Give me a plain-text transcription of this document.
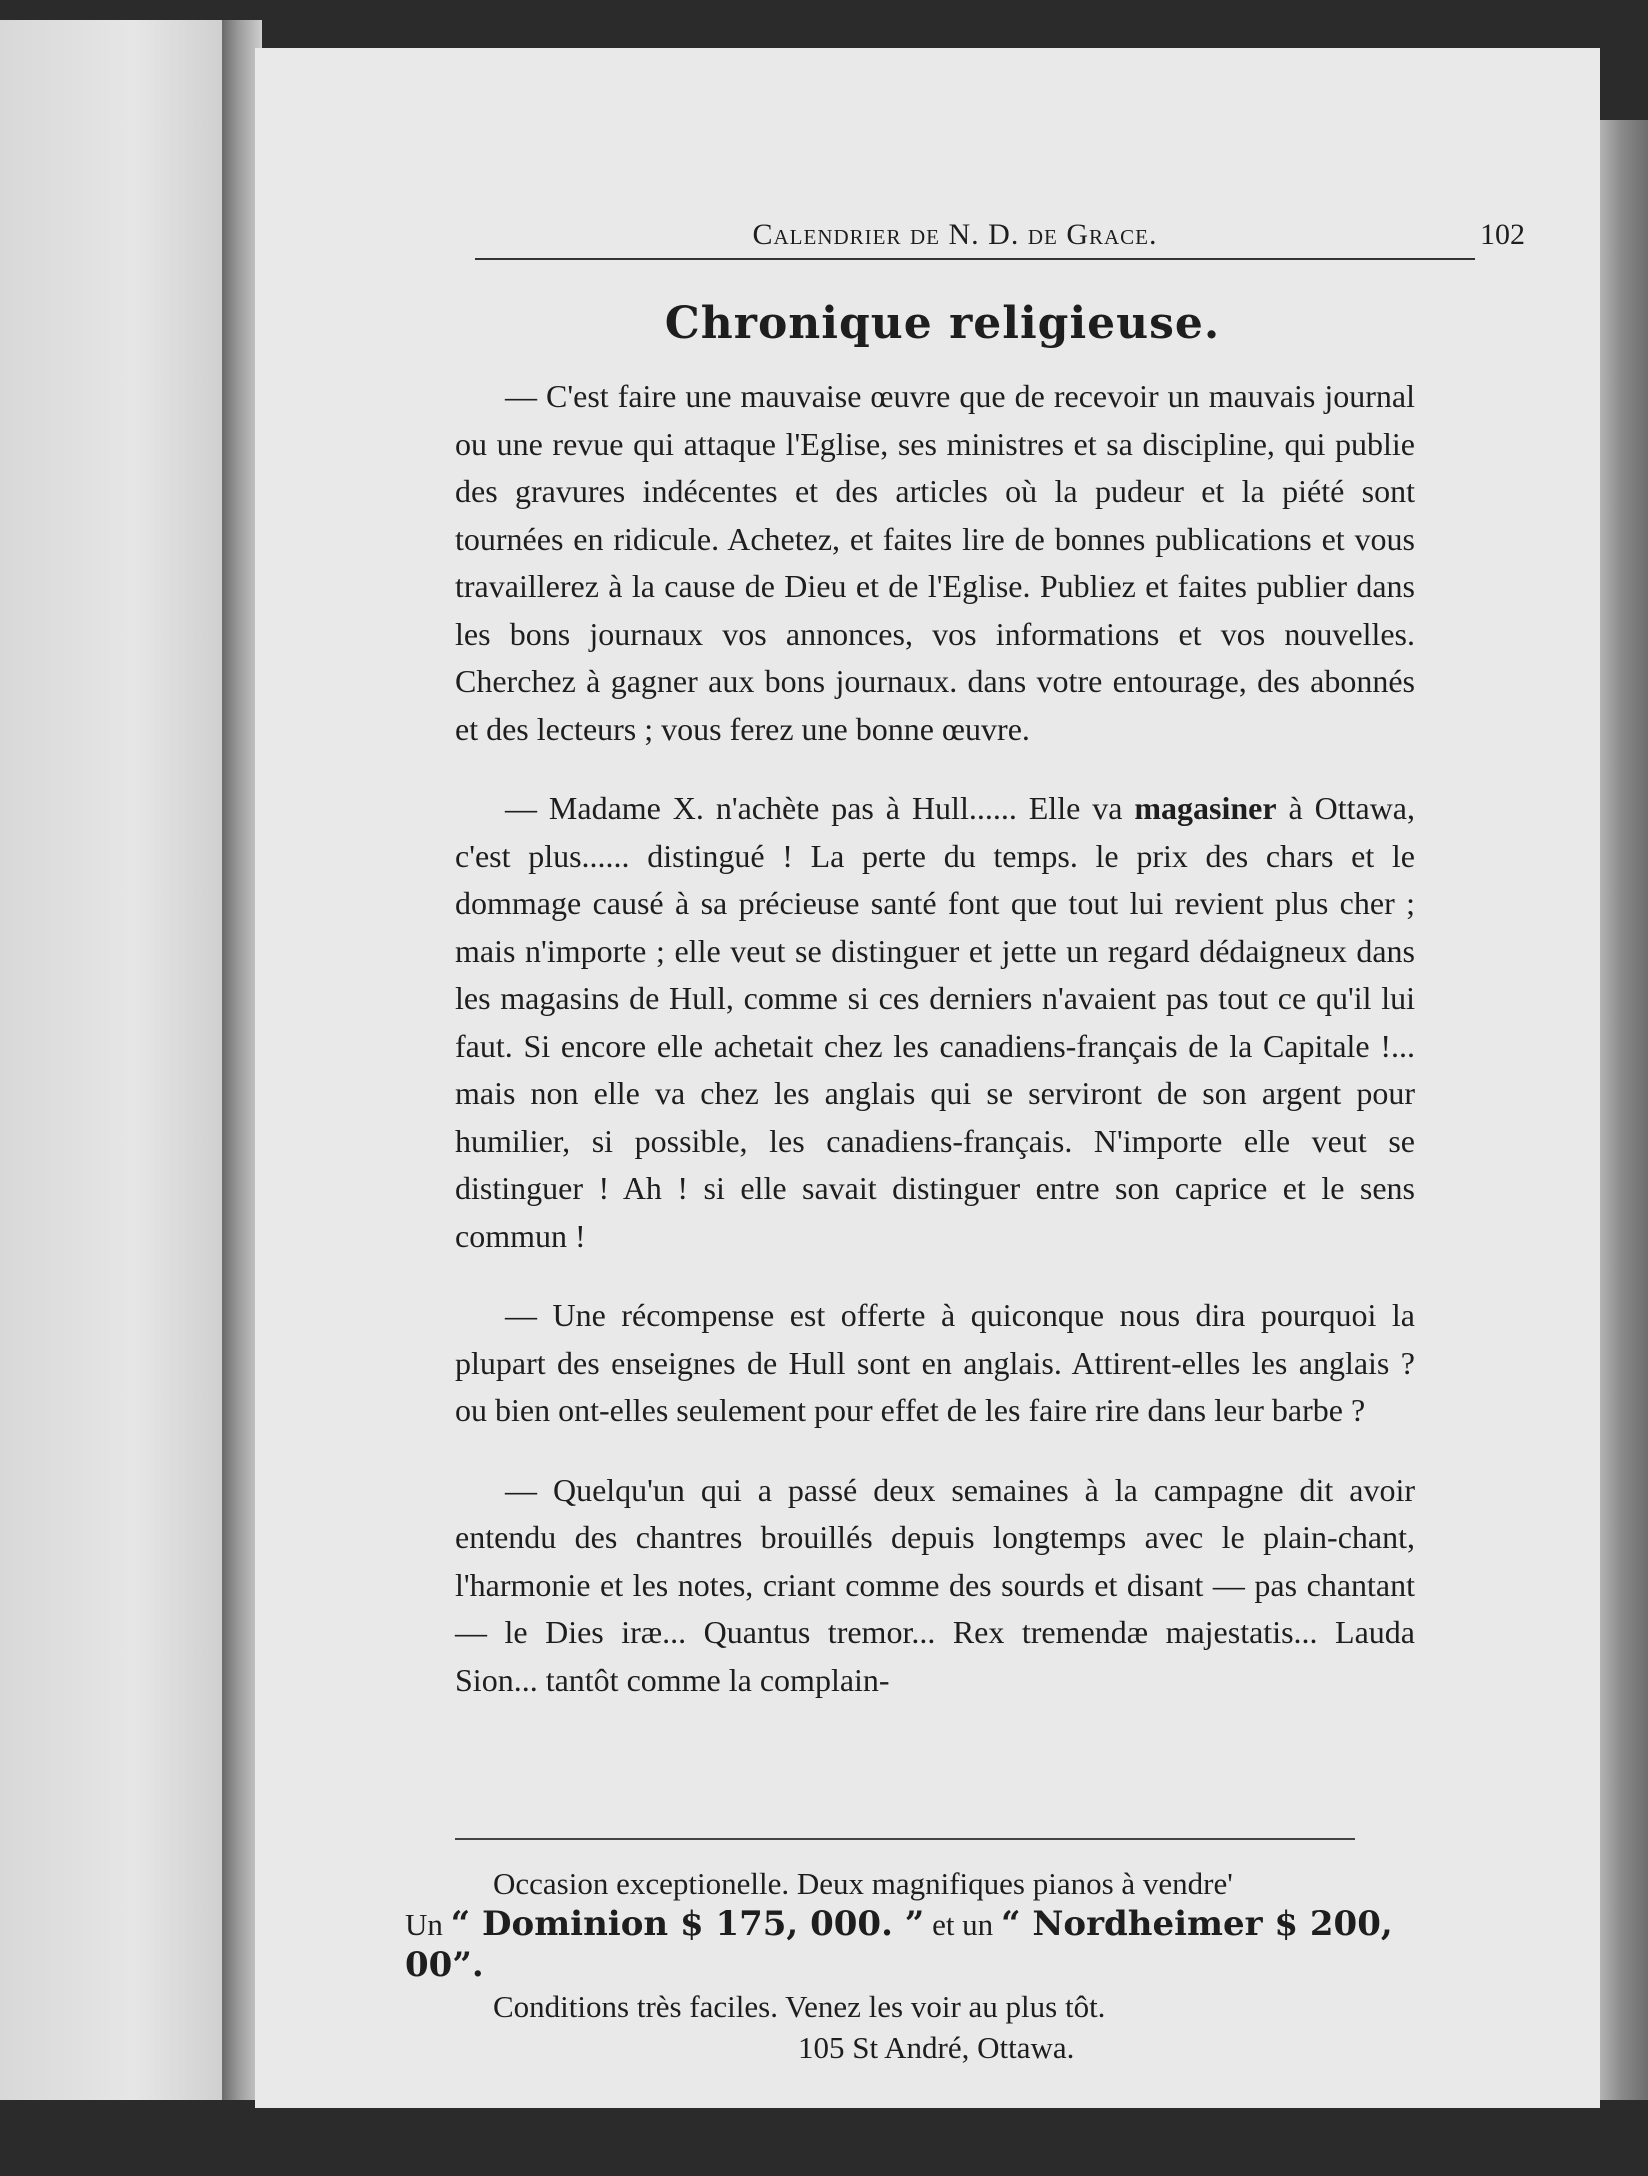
Calendrier de N. D. de Grace.	102
Chronique religieuse.

— C'est faire une mauvaise œuvre que de recevoir un mauvais journal ou une revue qui attaque l'Eglise, ses ministres et sa discipline, qui publie des gravures indécentes et des articles où la pudeur et la piété sont tournées en ridicule. Achetez, et faites lire de bonnes publications et vous travaillerez à la cause de Dieu et de l'Eglise. Publiez et faites publier dans les bons journaux vos annonces, vos informations et vos nouvelles. Cherchez à gagner aux bons journaux. dans votre entourage, des abonnés et des lecteurs ; vous ferez une bonne œuvre.

— Madame X. n'achète pas à Hull...... Elle va magasiner à Ottawa, c'est plus...... distingué ! La perte du temps. le prix des chars et le dommage causé à sa précieuse santé font que tout lui revient plus cher ; mais n'importe ; elle veut se distinguer et jette un regard dédaigneux dans les magasins de Hull, comme si ces derniers n'avaient pas tout ce qu'il lui faut. Si encore elle achetait chez les canadiens-français de la Capitale !... mais non elle va chez les anglais qui se serviront de son argent pour humilier, si possible, les canadiens-français. N'importe elle veut se distinguer ! Ah ! si elle savait distinguer entre son caprice et le sens commun !

— Une récompense est offerte à quiconque nous dira pourquoi la plupart des enseignes de Hull sont en anglais. Attirent-elles les anglais ? ou bien ont-elles seulement pour effet de les faire rire dans leur barbe ?

— Quelqu'un qui a passé deux semaines à la campagne dit avoir entendu des chantres brouillés depuis longtemps avec le plain-chant, l'harmonie et les notes, criant comme des sourds et disant — pas chantant — le Dies iræ... Quantus tremor... Rex tremendæ majestatis... Lauda Sion... tantôt comme la complain-

Occasion exceptionelle. Deux magnifiques pianos à vendre'
Un “ Dominion $ 175, 000. ” et un “ Nordheimer $ 200, 00”.
Conditions très faciles. Venez les voir au plus tôt.
105 St André, Ottawa.
